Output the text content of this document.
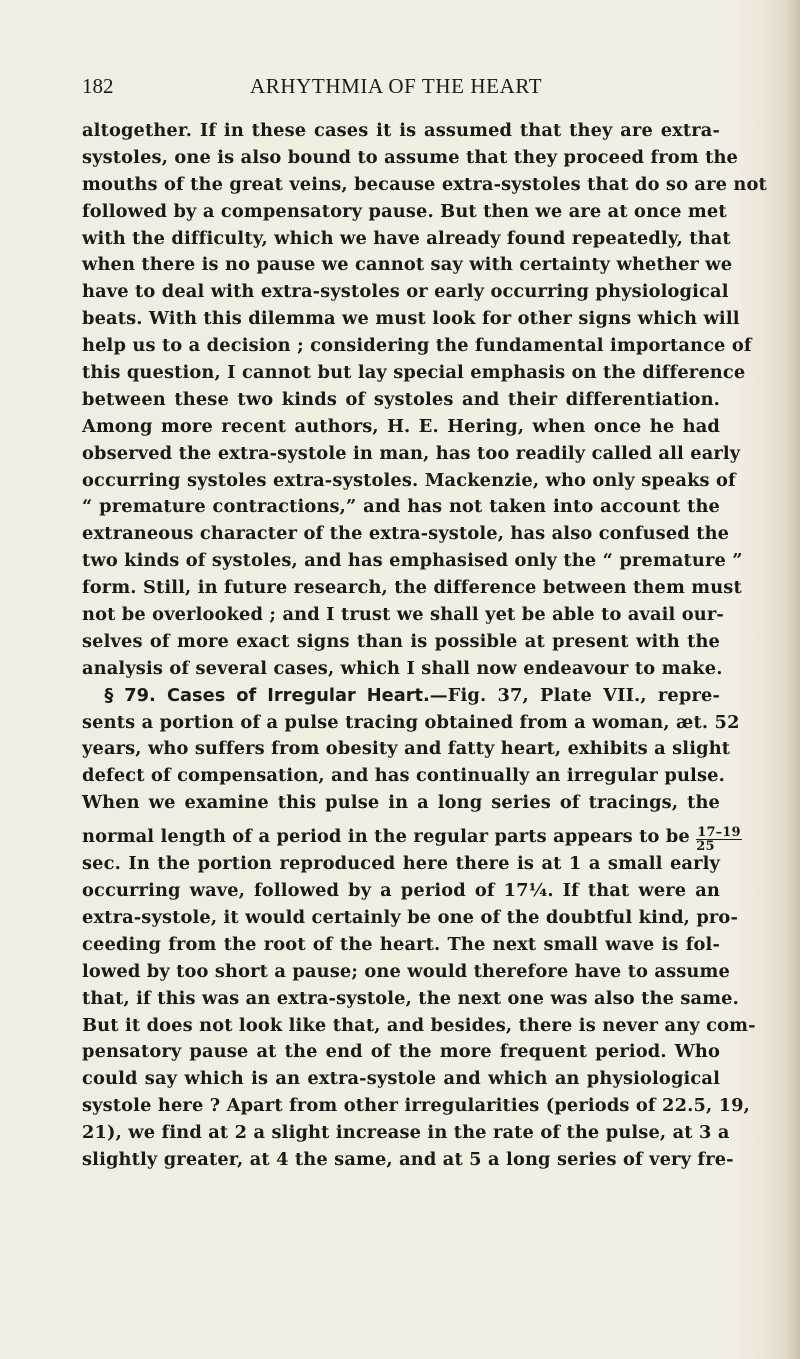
182	ARHYTHMIA OF THE HEART
altogether. If in these cases it is assumed that they are extra-
systoles, one is also bound to assume that they proceed from the
mouths of the great veins, because extra-systoles that do so are not
followed by a compensatory pause. But then we are at once met
with the difficulty, which we have already found repeatedly, that
when there is no pause we cannot say with certainty whether we
have to deal with extra-systoles or early occurring physiological
beats. With this dilemma we must look for other signs which will
help us to a decision ; considering the fundamental importance of
this question, I cannot but lay special emphasis on the difference
between these two kinds of systoles and their differentiation.
Among more recent authors, H. E. Hering, when once he had
observed the extra-systole in man, has too readily called all early
occurring systoles extra-systoles. Mackenzie, who only speaks of
“ premature contractions,” and has not taken into account the
extraneous character of the extra-systole, has also confused the
two kinds of systoles, and has emphasised only the “ premature ”
form. Still, in future research, the difference between them must
not be overlooked ; and I trust we shall yet be able to avail our-
selves of more exact signs than is possible at present with the
analysis of several cases, which I shall now endeavour to make.
§ 79. Cases of Irregular Heart.—Fig. 37, Plate VII., repre-
sents a portion of a pulse tracing obtained from a woman, æt. 52
years, who suffers from obesity and fatty heart, exhibits a slight
defect of compensation, and has continually an irregular pulse.
When we examine this pulse in a long series of tracings, the
normal length of a period in the regular parts appears to be $\frac{17-19}{25}$
sec. In the portion reproduced here there is at 1 a small early
occurring wave, followed by a period of 17¼. If that were an
extra-systole, it would certainly be one of the doubtful kind, pro-
ceeding from the root of the heart. The next small wave is fol-
lowed by too short a pause; one would therefore have to assume
that, if this was an extra-systole, the next one was also the same.
But it does not look like that, and besides, there is never any com-
pensatory pause at the end of the more frequent period. Who
could say which is an extra-systole and which an physiological
systole here ? Apart from other irregularities (periods of 22.5, 19,
21), we find at 2 a slight increase in the rate of the pulse, at 3 a
slightly greater, at 4 the same, and at 5 a long series of very fre-
